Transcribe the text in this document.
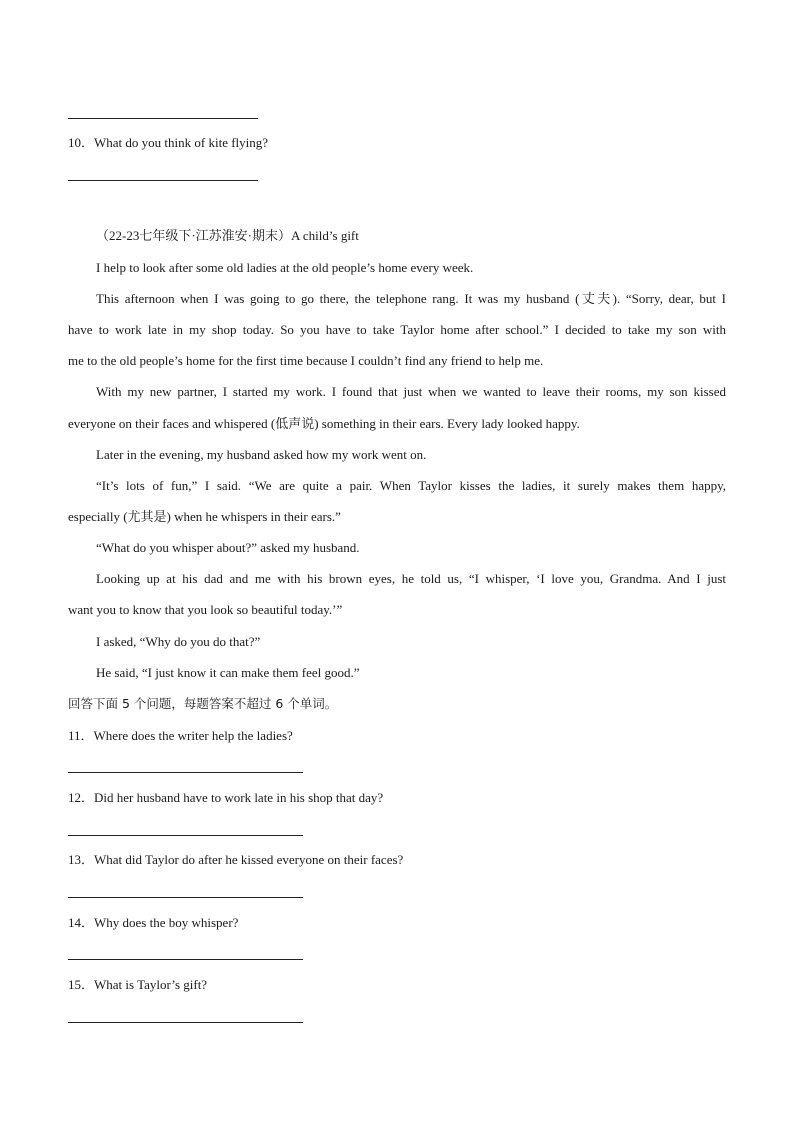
10．What do you think of kite flying?
（22-23七年级下·江苏淮安·期末）A child’s gift
I help to look after some old ladies at the old people’s home every week.
This afternoon when I was going to go there, the telephone rang. It was my husband (丈夫). “Sorry, dear, but I
have to work late in my shop today. So you have to take Taylor home after school.” I decided to take my son with
me to the old people’s home for the first time because I couldn’t find any friend to help me.
With my new partner, I started my work. I found that just when we wanted to leave their rooms, my son kissed
everyone on their faces and whispered (低声说) something in their ears. Every lady looked happy.
Later in the evening, my husband asked how my work went on.
“It’s lots of fun,” I said. “We are quite a pair. When Taylor kisses the ladies, it surely makes them happy,
especially (尤其是) when he whispers in their ears.”
“What do you whisper about?” asked my husband.
Looking up at his dad and me with his brown eyes, he told us, “I whisper, ‘I love you, Grandma. And I just
want you to know that you look so beautiful today.’”
I asked, “Why do you do that?”
He said, “I just know it can make them feel good.”
回答下面 5 个问题，每题答案不超过 6 个单词。
11．Where does the writer help the ladies?
12．Did her husband have to work late in his shop that day?
13．What did Taylor do after he kissed everyone on their faces?
14．Why does the boy whisper?
15．What is Taylor’s gift?
